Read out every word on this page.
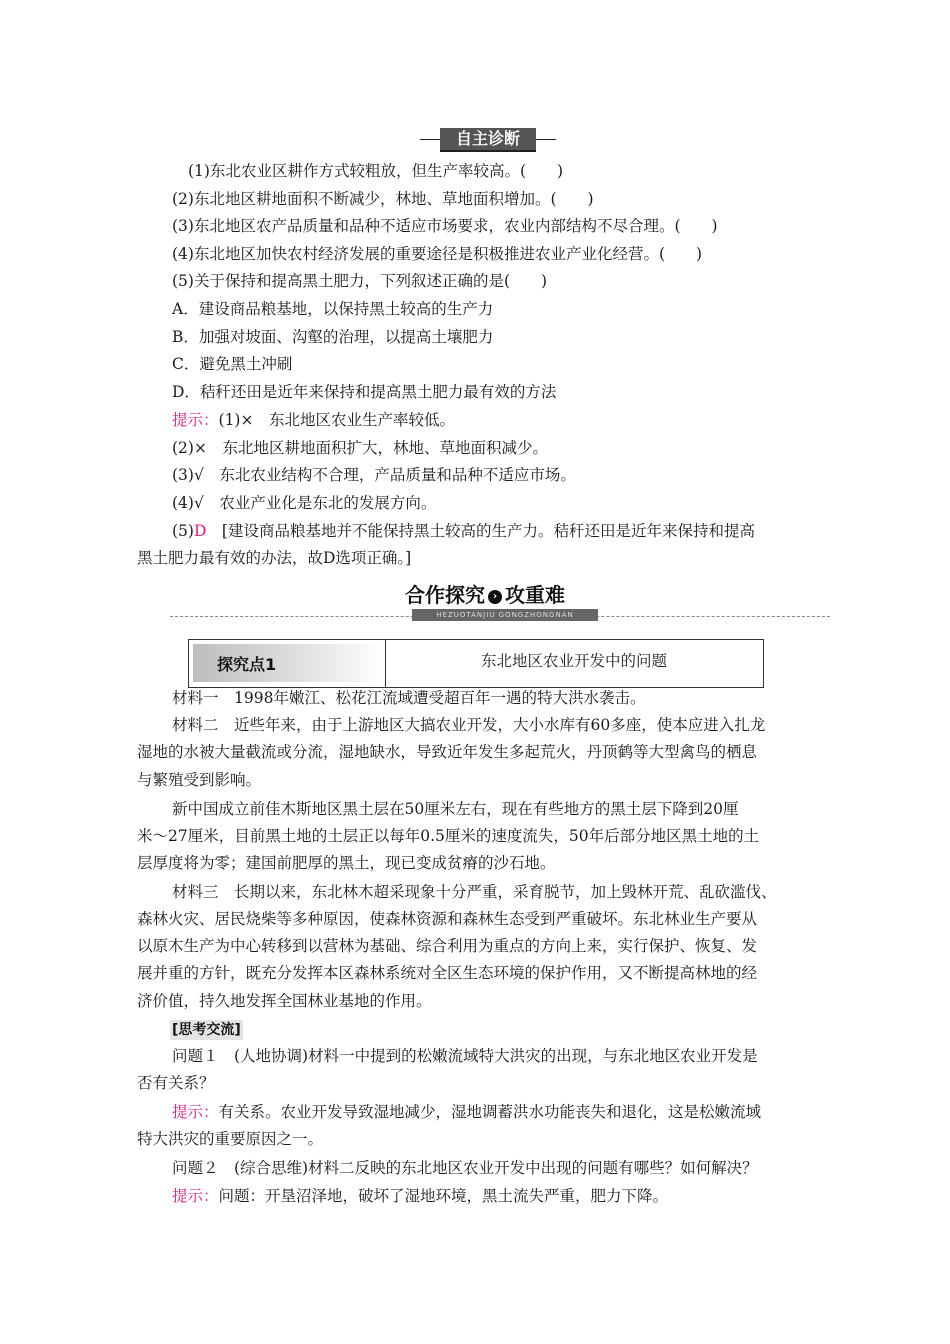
自主诊断
(1)东北农业区耕作方式较粗放，但生产率较高。(　　)
(2)东北地区耕地面积不断减少，林地、草地面积增加。(　　)
(3)东北地区农产品质量和品种不适应市场要求，农业内部结构不尽合理。(　　)
(4)东北地区加快农村经济发展的重要途径是积极推进农业产业化经营。(　　)
(5)关于保持和提高黑土肥力，下列叙述正确的是(　　)
A．建设商品粮基地，以保持黑土较高的生产力
B．加强对坡面、沟壑的治理，以提高土壤肥力
C．避免黑土冲刷
D．秸秆还田是近年来保持和提高黑土肥力最有效的方法
提示：(1)×　东北地区农业生产率较低。
(2)×　东北地区耕地面积扩大，林地、草地面积减少。
(3)√　东北农业结构不合理，产品质量和品种不适应市场。
(4)√　农业产业化是东北的发展方向。
(5)D　[建设商品粮基地并不能保持黑土较高的生产力。秸秆还田是近年来保持和提高
黑土肥力最有效的办法，故D选项正确。]
合作探究 › 攻重难
HEZUOTANJIU GONGZHONGNAN
探究点1	东北地区农业开发中的问题
材料一　1998年嫩江、松花江流域遭受超百年一遇的特大洪水袭击。
材料二　近些年来，由于上游地区大搞农业开发，大小水库有60多座，使本应进入扎龙
湿地的水被大量截流或分流，湿地缺水，导致近年发生多起荒火，丹顶鹤等大型禽鸟的栖息
与繁殖受到影响。
新中国成立前佳木斯地区黑土层在50厘米左右，现在有些地方的黑土层下降到20厘
米～27厘米，目前黑土地的土层正以每年0.5厘米的速度流失，50年后部分地区黑土地的土
层厚度将为零；建国前肥厚的黑土，现已变成贫瘠的沙石地。
材料三　长期以来，东北林木超采现象十分严重，采育脱节，加上毁林开荒、乱砍滥伐、
森林火灾、居民烧柴等多种原因，使森林资源和森林生态受到严重破坏。东北林业生产要从
以原木生产为中心转移到以营林为基础、综合利用为重点的方向上来，实行保护、恢复、发
展并重的方针，既充分发挥本区森林系统对全区生态环境的保护作用，又不断提高林地的经
济价值，持久地发挥全国林业基地的作用。
[思考交流]
问题１　(人地协调)材料一中提到的松嫩流域特大洪灾的出现，与东北地区农业开发是
否有关系？
提示：有关系。农业开发导致湿地减少，湿地调蓄洪水功能丧失和退化，这是松嫩流域
特大洪灾的重要原因之一。
问题２　(综合思维)材料二反映的东北地区农业开发中出现的问题有哪些？如何解决？
提示：问题：开垦沼泽地，破坏了湿地环境，黑土流失严重，肥力下降。
